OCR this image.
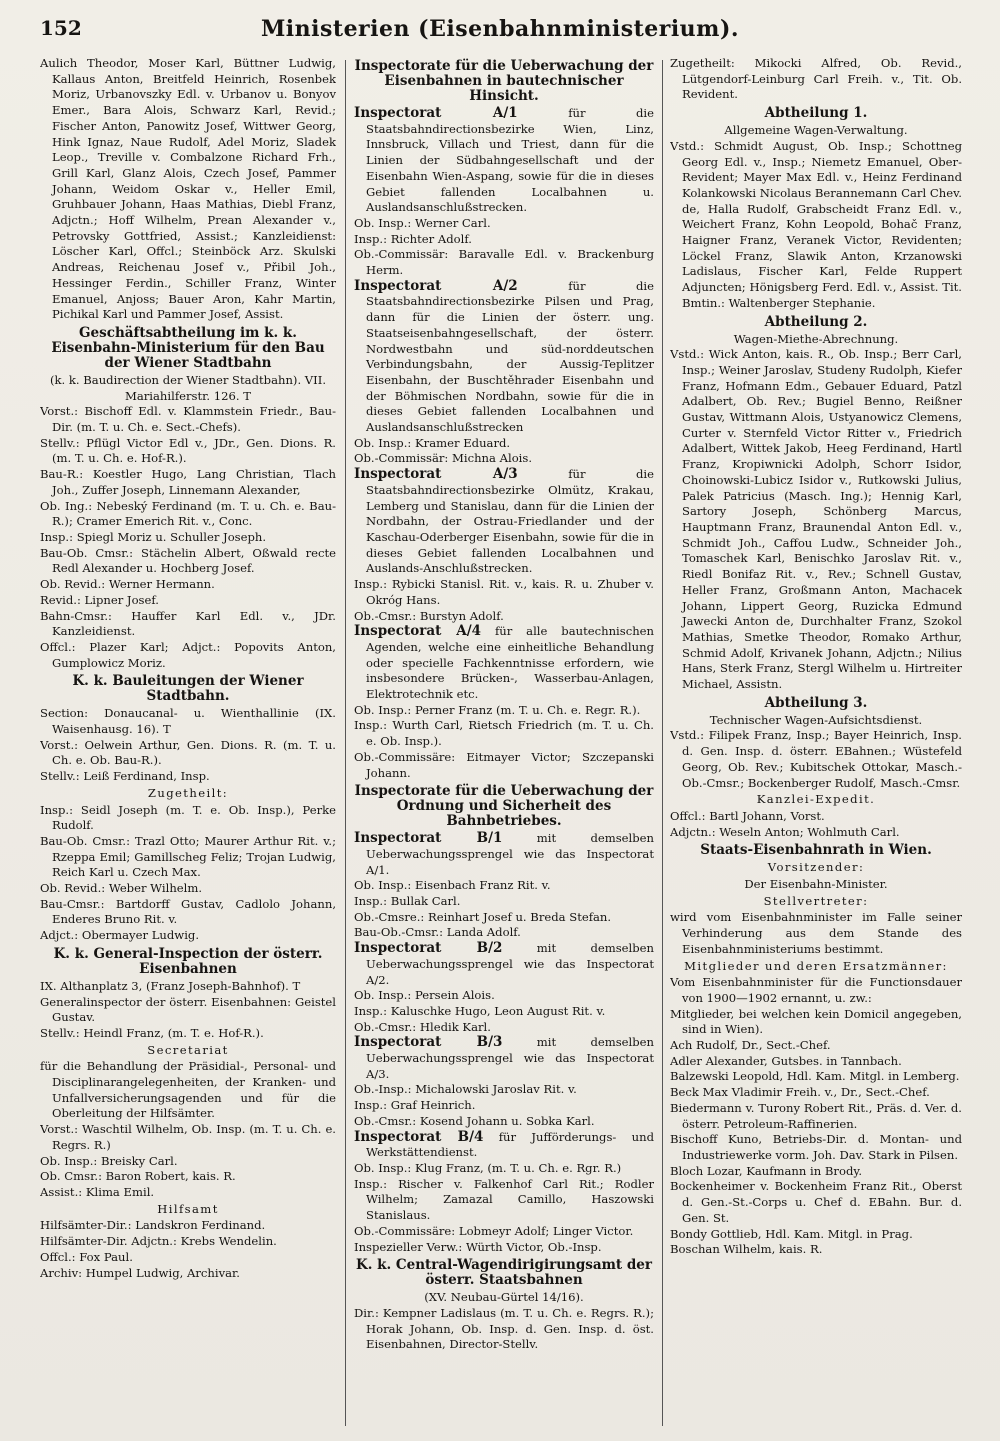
152	Ministerien (Eisenbahnministerium).

Aulich Theodor, Moser Karl, Büttner Ludwig, Kallaus Anton, Breitfeld Heinrich, Rosenbek Moriz, Urbanovszky Edl. v. Urbanov u. Bonyov Emer., Bara Alois, Schwarz Karl, Revid.; Fischer Anton, Panowitz Josef, Wittwer Georg, Hink Ignaz, Naue Rudolf, Adel Moriz, Sladek Leop., Treville v. Combalzone Richard Frh., Grill Karl, Glanz Alois, Czech Josef, Pammer Johann, Weidom Oskar v., Heller Emil, Gruhbauer Johann, Haas Mathias, Diebl Franz, Adjctn.; Hoff Wilhelm, Prean Alexander v., Petrovsky Gottfried, Assist.; Kanzleidienst: Löscher Karl, Offcl.; Steinböck Arz. Skulski Andreas, Reichenau Josef v., Přibil Joh., Hessinger Ferdin., Schiller Franz, Winter Emanuel, Anjoss; Bauer Aron, Kahr Martin, Pichikal Karl und Pammer Josef, Assist.

Geschäftsabtheilung im k. k. Eisenbahn-Ministerium für den Bau der Wiener Stadtbahn

(k. k. Baudirection der Wiener Stadtbahn). VII. Mariahilferstr. 126. T

Vorst.: Bischoff Edl. v. Klammstein Friedr., Bau-Dir. (m. T. u. Ch. e. Sect.-Chefs).

Stellv.: Pflügl Victor Edl v., JDr., Gen. Dions. R. (m. T. u. Ch. e. Hof-R.).

Bau-R.: Koestler Hugo, Lang Christian, Tlach Joh., Zuffer Joseph, Linnemann Alexander,

Ob. Ing.: Nebeský Ferdinand (m. T. u. Ch. e. Bau-R.); Cramer Emerich Rit. v., Conc.

Insp.: Spiegl Moriz u. Schuller Joseph.

Bau-Ob. Cmsr.: Stächelin Albert, Oßwald recte Redl Alexander u. Hochberg Josef.

Ob. Revid.: Werner Hermann.

Revid.: Lipner Josef.

Bahn-Cmsr.: Hauffer Karl Edl. v., JDr. Kanzleidienst.

Offcl.: Plazer Karl; Adjct.: Popovits Anton, Gumplowicz Moriz.

K. k. Bauleitungen der Wiener Stadtbahn.

Section: Donaucanal- u. Wienthallinie (IX. Waisenhausg. 16). T

Vorst.: Oelwein Arthur, Gen. Dions. R. (m. T. u. Ch. e. Ob. Bau-R.).

Stellv.: Leiß Ferdinand, Insp.

Zugetheilt:

Insp.: Seidl Joseph (m. T. e. Ob. Insp.), Perke Rudolf.

Bau-Ob. Cmsr.: Trazl Otto; Maurer Arthur Rit. v.; Rzeppa Emil; Gamillscheg Feliz; Trojan Ludwig, Reich Karl u. Czech Max.

Ob. Revid.: Weber Wilhelm.

Bau-Cmsr.: Bartdorff Gustav, Cadlolo Johann, Enderes Bruno Rit. v.

Adjct.: Obermayer Ludwig.

K. k. General-Inspection der österr. Eisenbahnen

IX. Althanplatz 3, (Franz Joseph-Bahnhof). T

Generalinspector der österr. Eisenbahnen: Geistel Gustav.

Stellv.: Heindl Franz, (m. T. e. Hof-R.).

Secretariat

für die Behandlung der Präsidial-, Personal- und Disciplinarangelegenheiten, der Kranken- und Unfallversicherungsagenden und für die Oberleitung der Hilfsämter.

Vorst.: Waschtil Wilhelm, Ob. Insp. (m. T. u. Ch. e. Regrs. R.)

Ob. Insp.: Breisky Carl.

Ob. Cmsr.: Baron Robert, kais. R.

Assist.: Klima Emil.

Hilfsamt

Hilfsämter-Dir.: Landskron Ferdinand.

Hilfsämter-Dir. Adjctn.: Krebs Wendelin.

Offcl.: Fox Paul.

Archiv: Humpel Ludwig, Archivar.

Inspectorate für die Ueberwachung der Eisenbahnen in bautechnischer Hinsicht.

Inspectorat A/1	für die Staatsbahndirectionsbezirke Wien, Linz, Innsbruck, Villach und Triest, dann für die Linien der Südbahngesellschaft und der Eisenbahn Wien-Aspang, sowie für die in dieses Gebiet fallenden Localbahnen u. Auslandsanschlußstrecken.

Ob. Insp.: Werner Carl.

Insp.: Richter Adolf.

Ob.-Commissär: Baravalle Edl. v. Brackenburg Herm.

Inspectorat A/2	für die Staatsbahndirectionsbezirke Pilsen und Prag, dann für die Linien der österr. ung. Staatseisenbahngesellschaft, der österr. Nordwestbahn und süd-norddeutschen Verbindungsbahn, der Aussig-Teplitzer Eisenbahn, der Buschtěhrader Eisenbahn und der Böhmischen Nordbahn, sowie für die in dieses Gebiet fallenden Localbahnen und Auslandsanschlußstrecken

Ob. Insp.: Kramer Eduard.

Ob.-Commissär: Michna Alois.

Inspectorat A/3	für die Staatsbahndirectionsbezirke Olmütz, Krakau, Lemberg und Stanislau, dann für die Linien der Nordbahn, der Ostrau-Friedlander und der Kaschau-Oderberger Eisenbahn, sowie für die in dieses Gebiet fallenden Localbahnen und Auslands-Anschlußstrecken.

Insp.: Rybicki Stanisl. Rit. v., kais. R. u. Zhuber v. Okróg Hans.

Ob.-Cmsr.: Burstyn Adolf.

Inspectorat A/4 für alle bautechnischen Agenden, welche eine einheitliche Behandlung oder specielle Fachkenntnisse erfordern, wie insbesondere Brücken-, Wasserbau-Anlagen, Elektrotechnik etc.

Ob. Insp.: Perner Franz (m. T. u. Ch. e. Regr. R.).

Insp.: Wurth Carl, Rietsch Friedrich (m. T. u. Ch. e. Ob. Insp.).

Ob.-Commissäre: Eitmayer Victor; Szczepanski Johann.

Inspectorate für die Ueberwachung der Ordnung und Sicherheit des Bahnbetriebes.

Inspectorat B/1	mit demselben Ueberwachungssprengel wie das Inspectorat A/1.

Ob. Insp.: Eisenbach Franz Rit. v.

Insp.: Bullak Carl.

Ob.-Cmsre.: Reinhart Josef u. Breda Stefan.

Bau-Ob.-Cmsr.: Landa Adolf.

Inspectorat B/2	mit demselben Ueberwachungssprengel wie das Inspectorat A/2.

Ob. Insp.: Persein Alois.

Insp.: Kaluschke Hugo, Leon August Rit. v.

Ob.-Cmsr.: Hledik Karl.

Inspectorat B/3	mit demselben Ueberwachungssprengel wie das Inspectorat A/3.

Ob.-Insp.: Michalowski Jaroslav Rit. v.

Insp.: Graf Heinrich.

Ob.-Cmsr.: Kosend Johann u. Sobka Karl.

Inspectorat B/4 für Jufförderungs- und Werkstättendienst.

Ob. Insp.: Klug Franz, (m. T. u. Ch. e. Rgr. R.)

Insp.: Rischer v. Falkenhof Carl Rit.; Rodler Wilhelm; Zamazal Camillo, Haszowski Stanislaus.

Ob.-Commissäre: Lobmeyr Adolf; Linger Victor.

Inspezieller Verw.: Würth Victor, Ob.-Insp.

K. k. Central-Wagendirigirungsamt der österr. Staatsbahnen

(XV. Neubau-Gürtel 14/16).

Dir.: Kempner Ladislaus (m. T. u. Ch. e. Regrs. R.); Horak Johann, Ob. Insp. d. Gen. Insp. d. öst. Eisenbahnen, Director-Stellv.

Zugetheilt: Mikocki Alfred, Ob. Revid., Lütgendorf-Leinburg Carl Freih. v., Tit. Ob. Revident.

Abtheilung 1.

Allgemeine Wagen-Verwaltung.

Vstd.: Schmidt August, Ob. Insp.; Schottneg Georg Edl. v., Insp.; Niemetz Emanuel, Ober-Revident; Mayer Max Edl. v., Heinz Ferdinand Kolankowski Nicolaus Berannemann Carl Chev. de, Halla Rudolf, Grabscheidt Franz Edl. v., Weichert Franz, Kohn Leopold, Bohač Franz, Haigner Franz, Veranek Victor, Revidenten; Löckel Franz, Slawik Anton, Krzanowski Ladislaus, Fischer Karl, Felde Ruppert Adjuncten; Hönigsberg Ferd. Edl. v., Assist. Tit. Bmtin.: Waltenberger Stephanie.

Abtheilung 2.

Wagen-Miethe-Abrechnung.

Vstd.: Wick Anton, kais. R., Ob. Insp.; Berr Carl, Insp.; Weiner Jaroslav, Studeny Rudolph, Kiefer Franz, Hofmann Edm., Gebauer Eduard, Patzl Adalbert, Ob. Rev.; Bugiel Benno, Reißner Gustav, Wittmann Alois, Ustyanowicz Clemens, Curter v. Sternfeld Victor Ritter v., Friedrich Adalbert, Wittek Jakob, Heeg Ferdinand, Hartl Franz, Kropiwnicki Adolph, Schorr Isidor, Choinowski-Lubicz Isidor v., Rutkowski Julius, Palek Patricius (Masch. Ing.); Hennig Karl, Sartory Joseph, Schönberg Marcus, Hauptmann Franz, Braunendal Anton Edl. v., Schmidt Joh., Caffou Ludw., Schneider Joh., Tomaschek Karl, Benischko Jaroslav Rit. v., Riedl Bonifaz Rit. v., Rev.; Schnell Gustav, Heller Franz, Großmann Anton, Machacek Johann, Lippert Georg, Ruzicka Edmund Jawecki Anton de, Durchhalter Franz, Szokol Mathias, Smetke Theodor, Romako Arthur, Schmid Adolf, Krivanek Johann, Adjctn.; Nilius Hans, Sterk Franz, Stergl Wilhelm u. Hirtreiter Michael, Assistn.

Abtheilung 3.

Technischer Wagen-Aufsichtsdienst.

Vstd.: Filipek Franz, Insp.; Bayer Heinrich, Insp. d. Gen. Insp. d. österr. EBahnen.; Wüstefeld Georg, Ob. Rev.; Kubitschek Ottokar, Masch.-Ob.-Cmsr.; Bockenberger Rudolf, Masch.-Cmsr.

Kanzlei-Expedit.

Offcl.: Bartl Johann, Vorst.

Adjctn.: Weseln Anton; Wohlmuth Carl.

Staats-Eisenbahnrath in Wien.
Vorsitzender:

Der Eisenbahn-Minister.

Stellvertreter:

wird vom Eisenbahnminister im Falle seiner Verhinderung aus dem Stande des Eisenbahnministeriums bestimmt.

Mitglieder und deren Ersatzmänner:

Vom Eisenbahnminister für die Functionsdauer von 1900—1902 ernannt, u. zw.:

Mitglieder, bei welchen kein Domicil angegeben, sind in Wien).

Ach Rudolf, Dr., Sect.-Chef.

Adler Alexander, Gutsbes. in Tannbach.

Balzewski Leopold, Hdl. Kam. Mitgl. in Lemberg.

Beck Max Vladimir Freih. v., Dr., Sect.-Chef.

Biedermann v. Turony Robert Rit., Präs. d. Ver. d. österr. Petroleum-Raffinerien.

Bischoff Kuno, Betriebs-Dir. d. Montan- und Industriewerke vorm. Joh. Dav. Stark in Pilsen.

Bloch Lozar, Kaufmann in Brody.

Bockenheimer v. Bockenheim Franz Rit., Oberst d. Gen.-St.-Corps u. Chef d. EBahn. Bur. d. Gen. St.

Bondy Gottlieb, Hdl. Kam. Mitgl. in Prag.

Boschan Wilhelm, kais. R.
